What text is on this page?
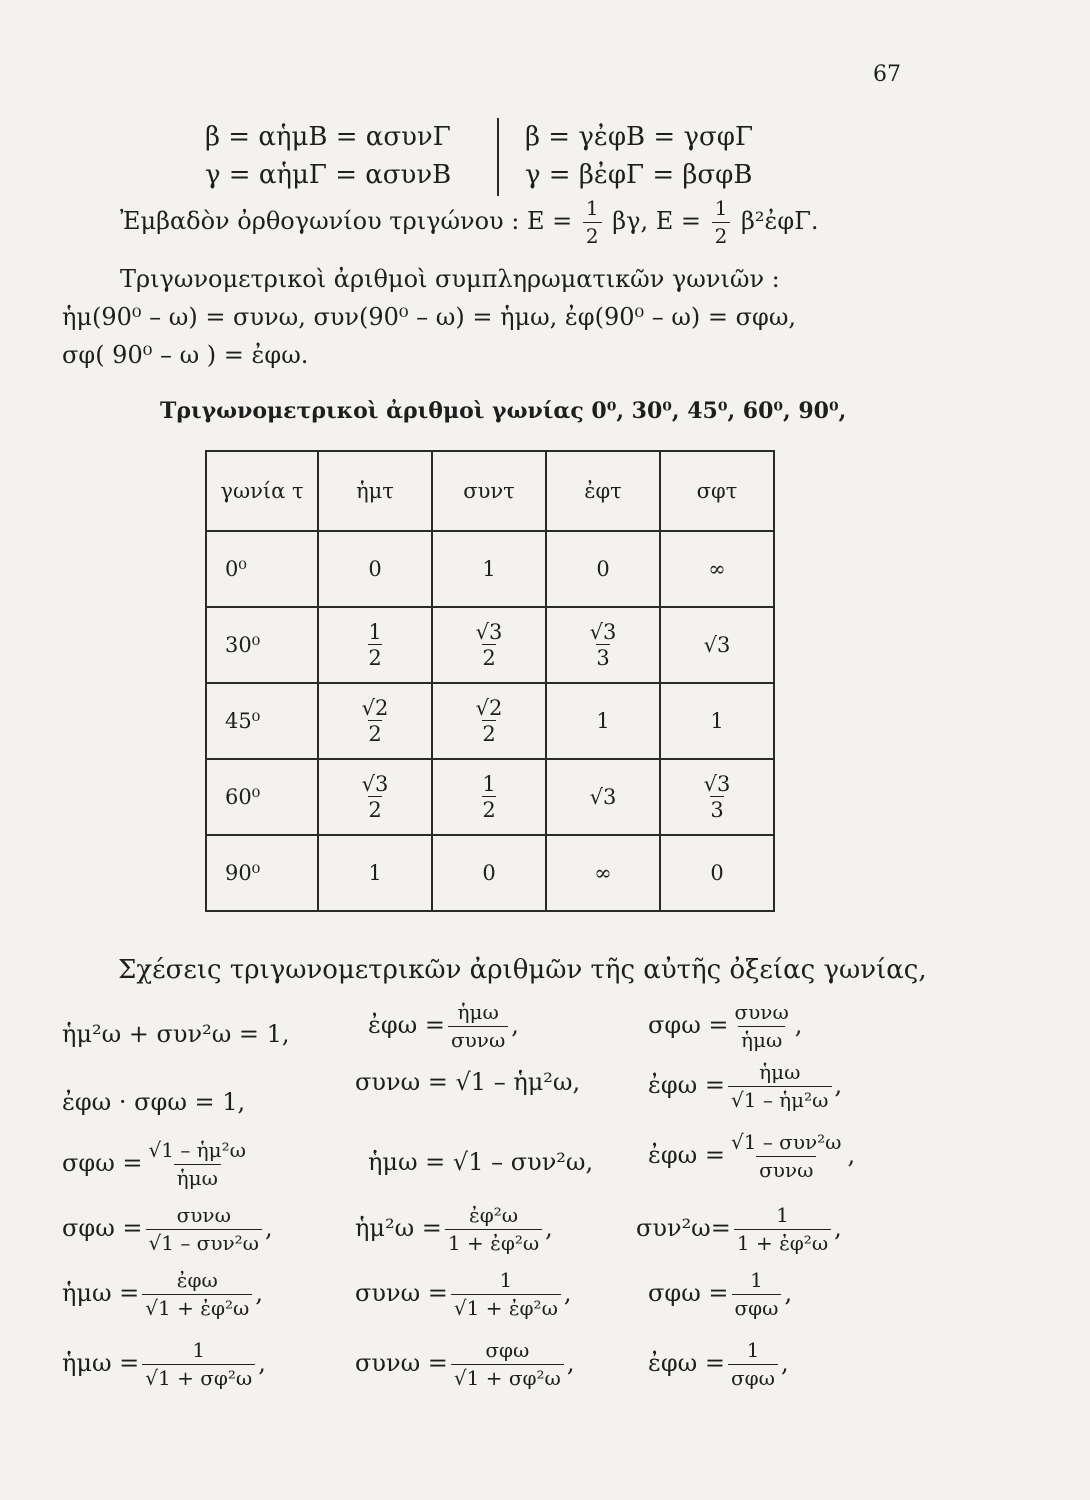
67
β = αἡμΒ = ασυνΓ
γ = αἡμΓ = ασυνΒ
β = γἐφΒ = γσφΓ
γ = βἐφΓ = βσφΒ
Ἐμβαδὸν ὀρθογωνίου τριγώνου : $E = \frac{1}{2} \beta\gamma$, $E = \frac{1}{2}$ β²ἐφΓ.
Τριγωνομετρικοὶ ἀριθμοὶ συμπληρωματικῶν γωνιῶν :
ἡμ(90⁰ – ω) = συνω, συν(90⁰ – ω) = ἡμω, ἐφ(90⁰ – ω) = σφω,
σφ( 90⁰ – ω ) = ἐφω.
Τριγωνομετρικοὶ ἀριθμοὶ γωνίας 0⁰, 30⁰, 45⁰, 60⁰, 90⁰,
γωνία τ	ἡμτ	συντ	ἐφτ	σφτ
0⁰	0	1	0	∞
30⁰	$\frac{1}{2}$	$\frac{√3}{2}$	$\frac{√3}{3}$	√3
45⁰	$\frac{√2}{2}$	$\frac{√2}{2}$	1	1
60⁰	$\frac{√3}{2}$	$\frac{1}{2}$	√3	$\frac{√3}{3}$

90⁰	1	0	∞	0
Σχέσεις τριγωνομετρικῶν ἀριθμῶν τῆς αὐτῆς ὀξείας γωνίας,
ἡμ²ω + συν²ω = 1,	ἐφω = $\frac{\text{ἡμω}}{\text{συνω}}$ ,	$\sigma\varphi\omega = \frac{\text{συνω}}{\text{ἡμω}}$ ,
ἐφω · σφω = 1,
συνω = √1 – ἡμ²ω,	ἐφω = $\frac{\text{ἡμω}}{\text{√1 – ἡμ²ω}}$ ,
$\sigma\varphi\omega = \frac{\text{√1 – ἡμ²ω}}{\text{ἡμω}}$	ἡμω = √1 – συν²ω, ἐφω = $\frac{\text{√1 – συν²ω}}{\text{συνω}}$ ,
$\sigma\varphi\omega = \frac{\text{συνω}}{\text{√1 – συν²ω}}$ ,	ἡμ²ω = $\frac{\text{ἐφ²ω}}{\text{1 + ἐφ²ω}}$ ,	$\sigma\upsilon\nu^2\omega= \frac{1}{\text{1 + ἐφ²ω}}$ ,
ἡμω = $\frac{\text{ἐφω}}{\text{√1 + ἐφ²ω}}$ ,	$\sigma\upsilon\nu\omega = \frac{1}{\text{√1 + ἐφ²ω}}$ ,	$\sigma\varphi\omega = \frac{1}{\text{σφω}}$ ,
ἡμω = $\frac{1}{\text{√1 + σφ²ω}}$ ,	$\sigma\upsilon\nu\omega = \frac{\text{σφω}}{\text{√1 + σφ²ω}}$ ,	ἐφω = $\frac{1}{\text{σφω}}$ ,
